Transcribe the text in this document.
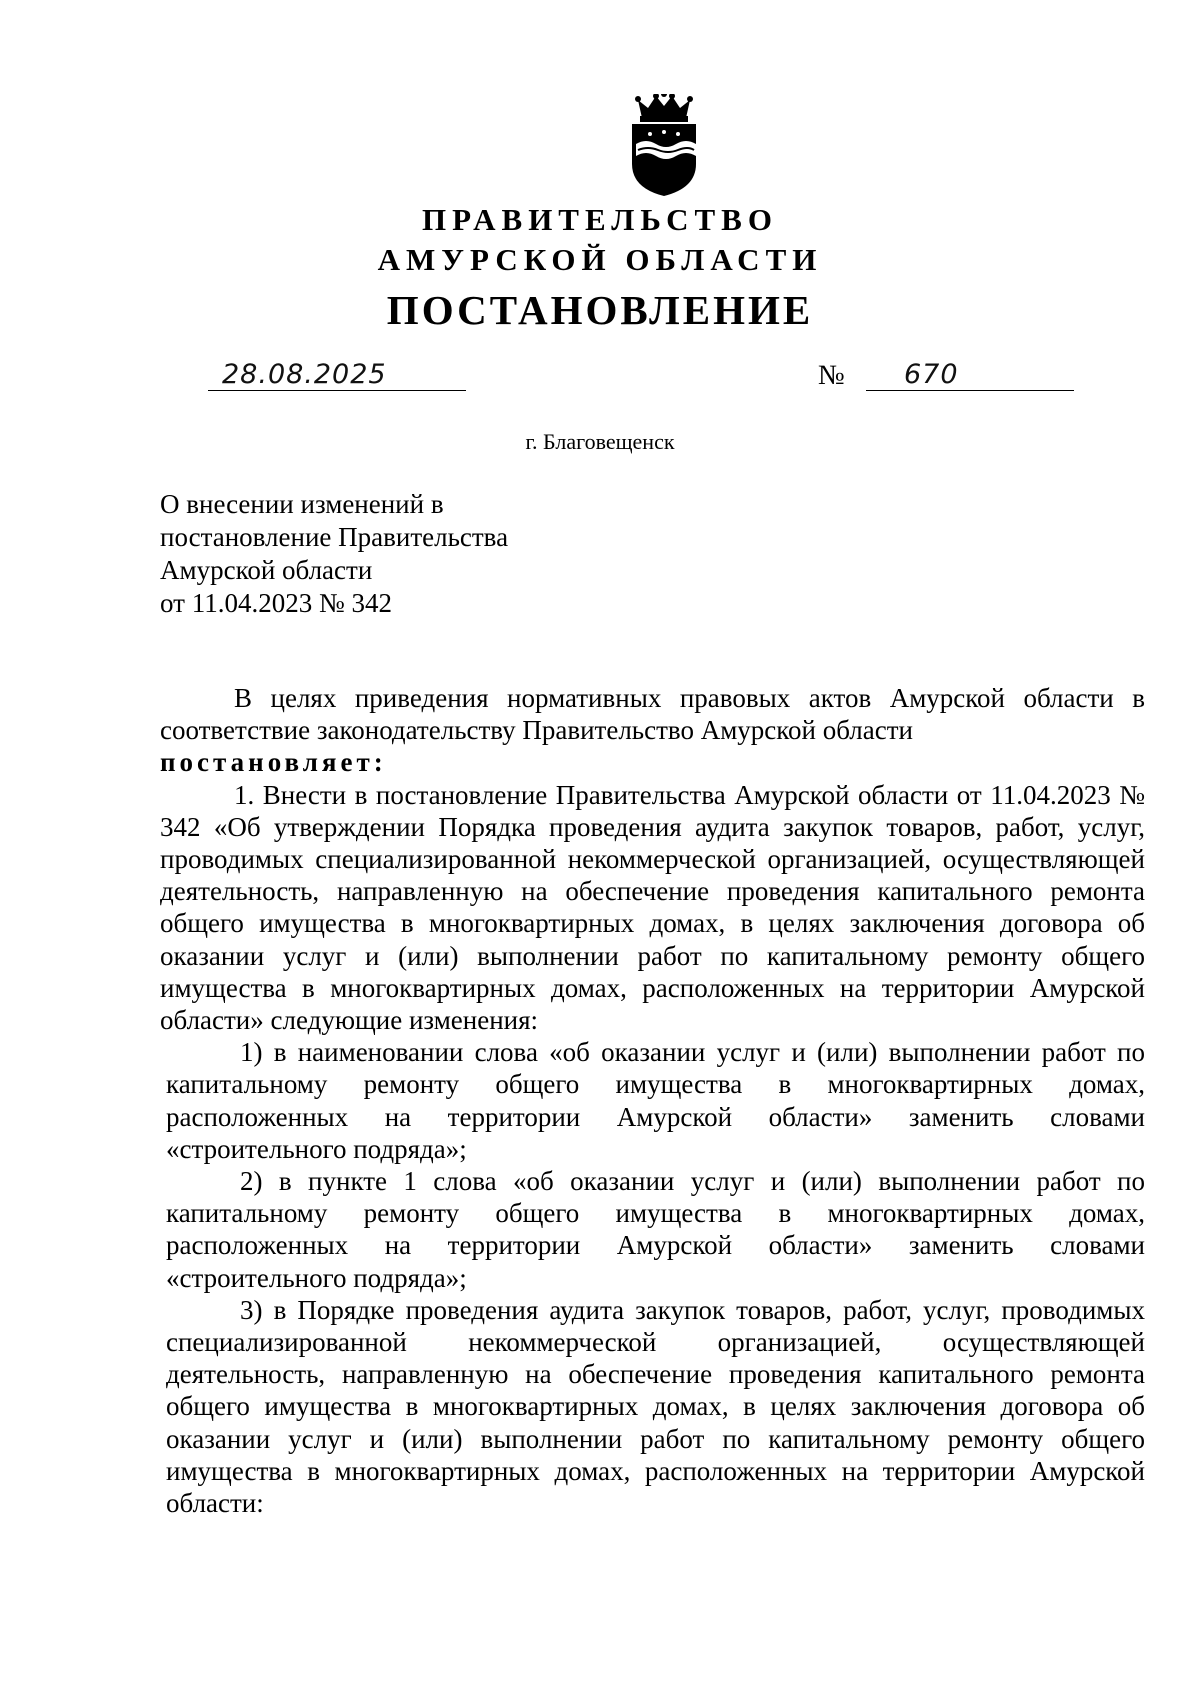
ПРАВИТЕЛЬСТВО
АМУРСКОЙ ОБЛАСТИ
ПОСТАНОВЛЕНИЕ
28.08.2025	№ 670
г. Благовещенск
О внесении изменений в
постановление Правительства
Амурской области
от 11.04.2023 № 342

В целях приведения нормативных правовых актов Амурской области в соответствие законодательству Правительство Амурской области

постановляет:

1. Внести в постановление Правительства Амурской области от 11.04.2023 № 342 «Об утверждении Порядка проведения аудита закупок товаров, работ, услуг, проводимых специализированной некоммерческой организацией, осуществляющей деятельность, направленную на обеспечение проведения капитального ремонта общего имущества в многоквартирных домах, в целях заключения договора об оказании услуг и (или) выполнении работ по капитальному ремонту общего имущества в многоквартирных домах, расположенных на территории Амурской области» следующие изменения:

1) в наименовании слова «об оказании услуг и (или) выполнении работ по капитальному ремонту общего имущества в многоквартирных домах, расположенных на территории Амурской области» заменить словами «строительного подряда»;

2) в пункте 1 слова «об оказании услуг и (или) выполнении работ по капитальному ремонту общего имущества в многоквартирных домах, расположенных на территории Амурской области» заменить словами «строительного подряда»;

3) в Порядке проведения аудита закупок товаров, работ, услуг, проводимых специализированной некоммерческой организацией, осуществляющей деятельность, направленную на обеспечение проведения капитального ремонта общего имущества в многоквартирных домах, в целях заключения договора об оказании услуг и (или) выполнении работ по капитальному ремонту общего имущества в многоквартирных домах, расположенных на территории Амурской области:
